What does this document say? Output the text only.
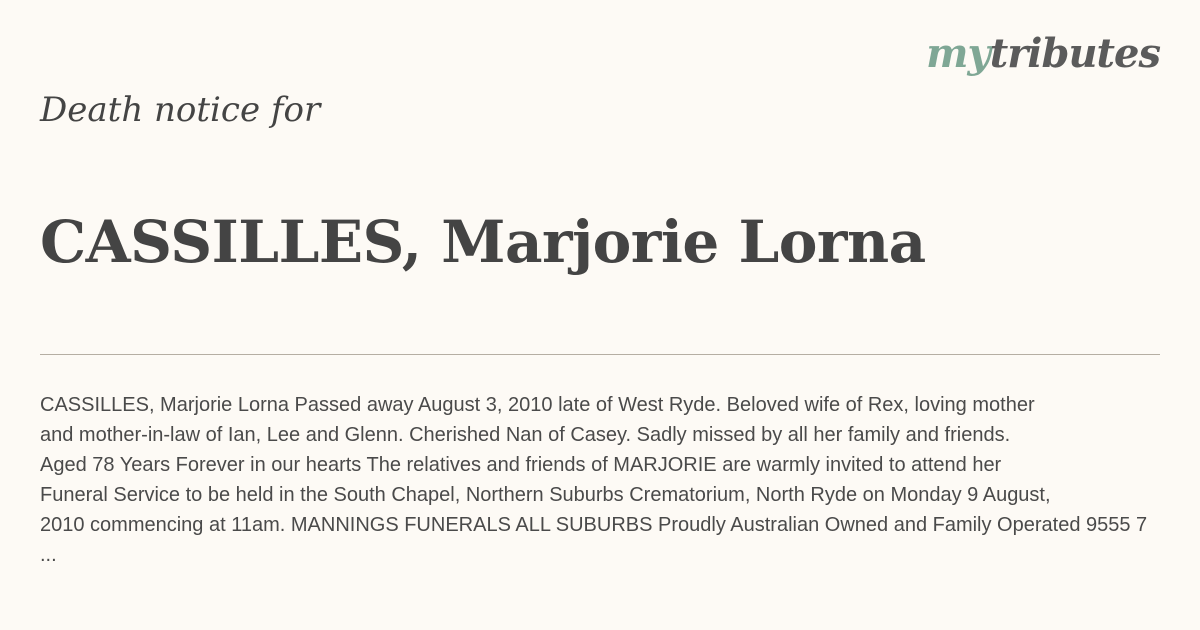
mytributes
Death notice for
CASSILLES, Marjorie Lorna

CASSILLES, Marjorie Lorna Passed away August 3, 2010 late of West Ryde. Beloved wife of Rex, loving mother
and mother-in-law of Ian, Lee and Glenn. Cherished Nan of Casey. Sadly missed by all her family and friends.
Aged 78 Years Forever in our hearts The relatives and friends of MARJORIE are warmly invited to attend her
Funeral Service to be held in the South Chapel, Northern Suburbs Crematorium, North Ryde on Monday 9 August,
2010 commencing at 11am. MANNINGS FUNERALS ALL SUBURBS Proudly Australian Owned and Family Operated 9555 7
...
